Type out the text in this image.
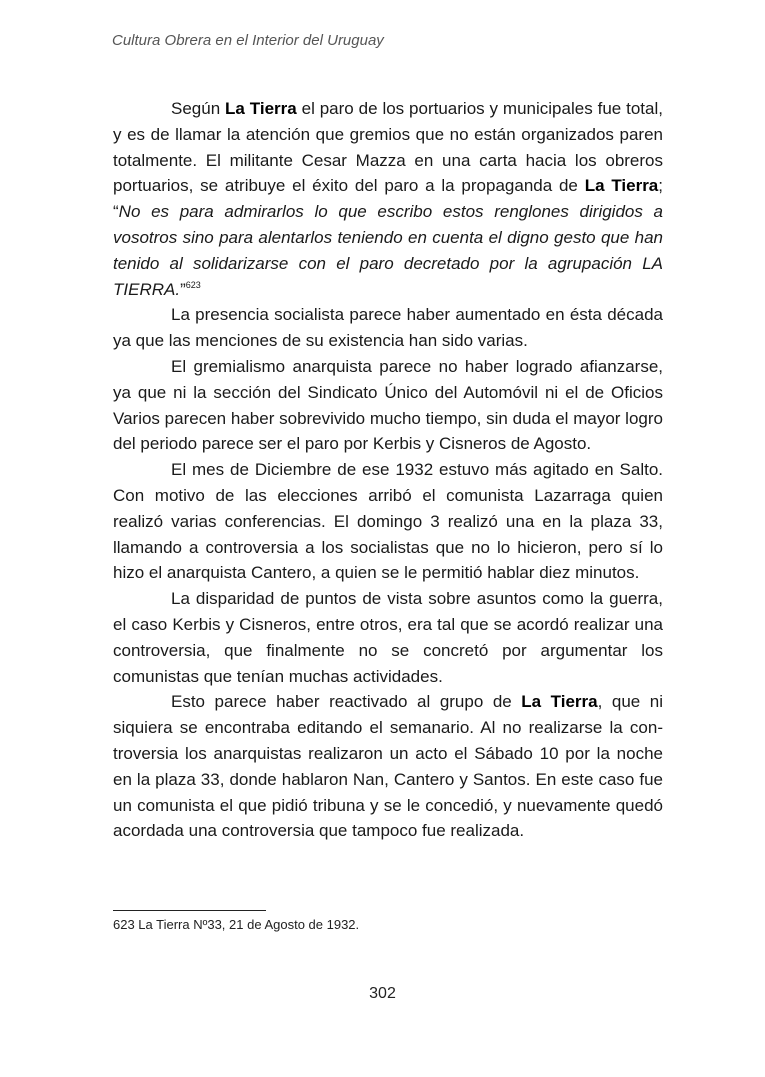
Cultura Obrera en el Interior del Uruguay

Según La Tierra el paro de los portuarios y municipales fue total, y es de llamar la atención que gremios que no están organizados paren totalmente. El militante Cesar Mazza en una carta hacia los obreros portuarios, se atribuye el éxito del paro a la propaganda de La Tierra; “No es para admirarlos lo que escribo estos renglones dirigidos a vosotros sino para alentarlos teniendo en cuenta el digno gesto que han tenido al solidarizarse con el paro decretado por la agrupación LA TIERRA.”$^{623}$

La presencia socialista parece haber aumentado en ésta década ya que las menciones de su existencia han sido varias.

El gremialismo anarquista parece no haber logrado afianzarse, ya que ni la sección del Sindicato Único del Automóvil ni el de Oficios Varios parecen haber sobrevivido mucho tiempo, sin duda el mayor logro del periodo parece ser el paro por Kerbis y Cisneros de Agosto.

El mes de Diciembre de ese 1932 estuvo más agitado en Salto. Con motivo de las elecciones arribó el comunista Lazarraga quien realizó varias conferencias. El domingo 3 realizó una en la plaza 33, llamando a controversia a los socialistas que no lo hicieron, pero sí lo hizo el anarquista Cantero, a quien se le permitió hablar diez minutos.

La disparidad de puntos de vista sobre asuntos como la guerra, el caso Kerbis y Cisneros, entre otros, era tal que se acordó realizar una controversia, que finalmente no se concretó por argumentar los comunistas que tenían muchas actividades.

Esto parece haber reactivado al grupo de La Tierra, que ni siquiera se encontraba editando el semanario. Al no realizarse la controversia los anarquistas realizaron un acto el Sábado 10 por la noche en la plaza 33, donde hablaron Nan, Cantero y Santos. En este caso fue un comunista el que pidió tribuna y se le concedió, y nuevamente quedó acordada una controversia que tampoco fue realizada.

623 La Tierra Nº33, 21 de Agosto de 1932.
302
